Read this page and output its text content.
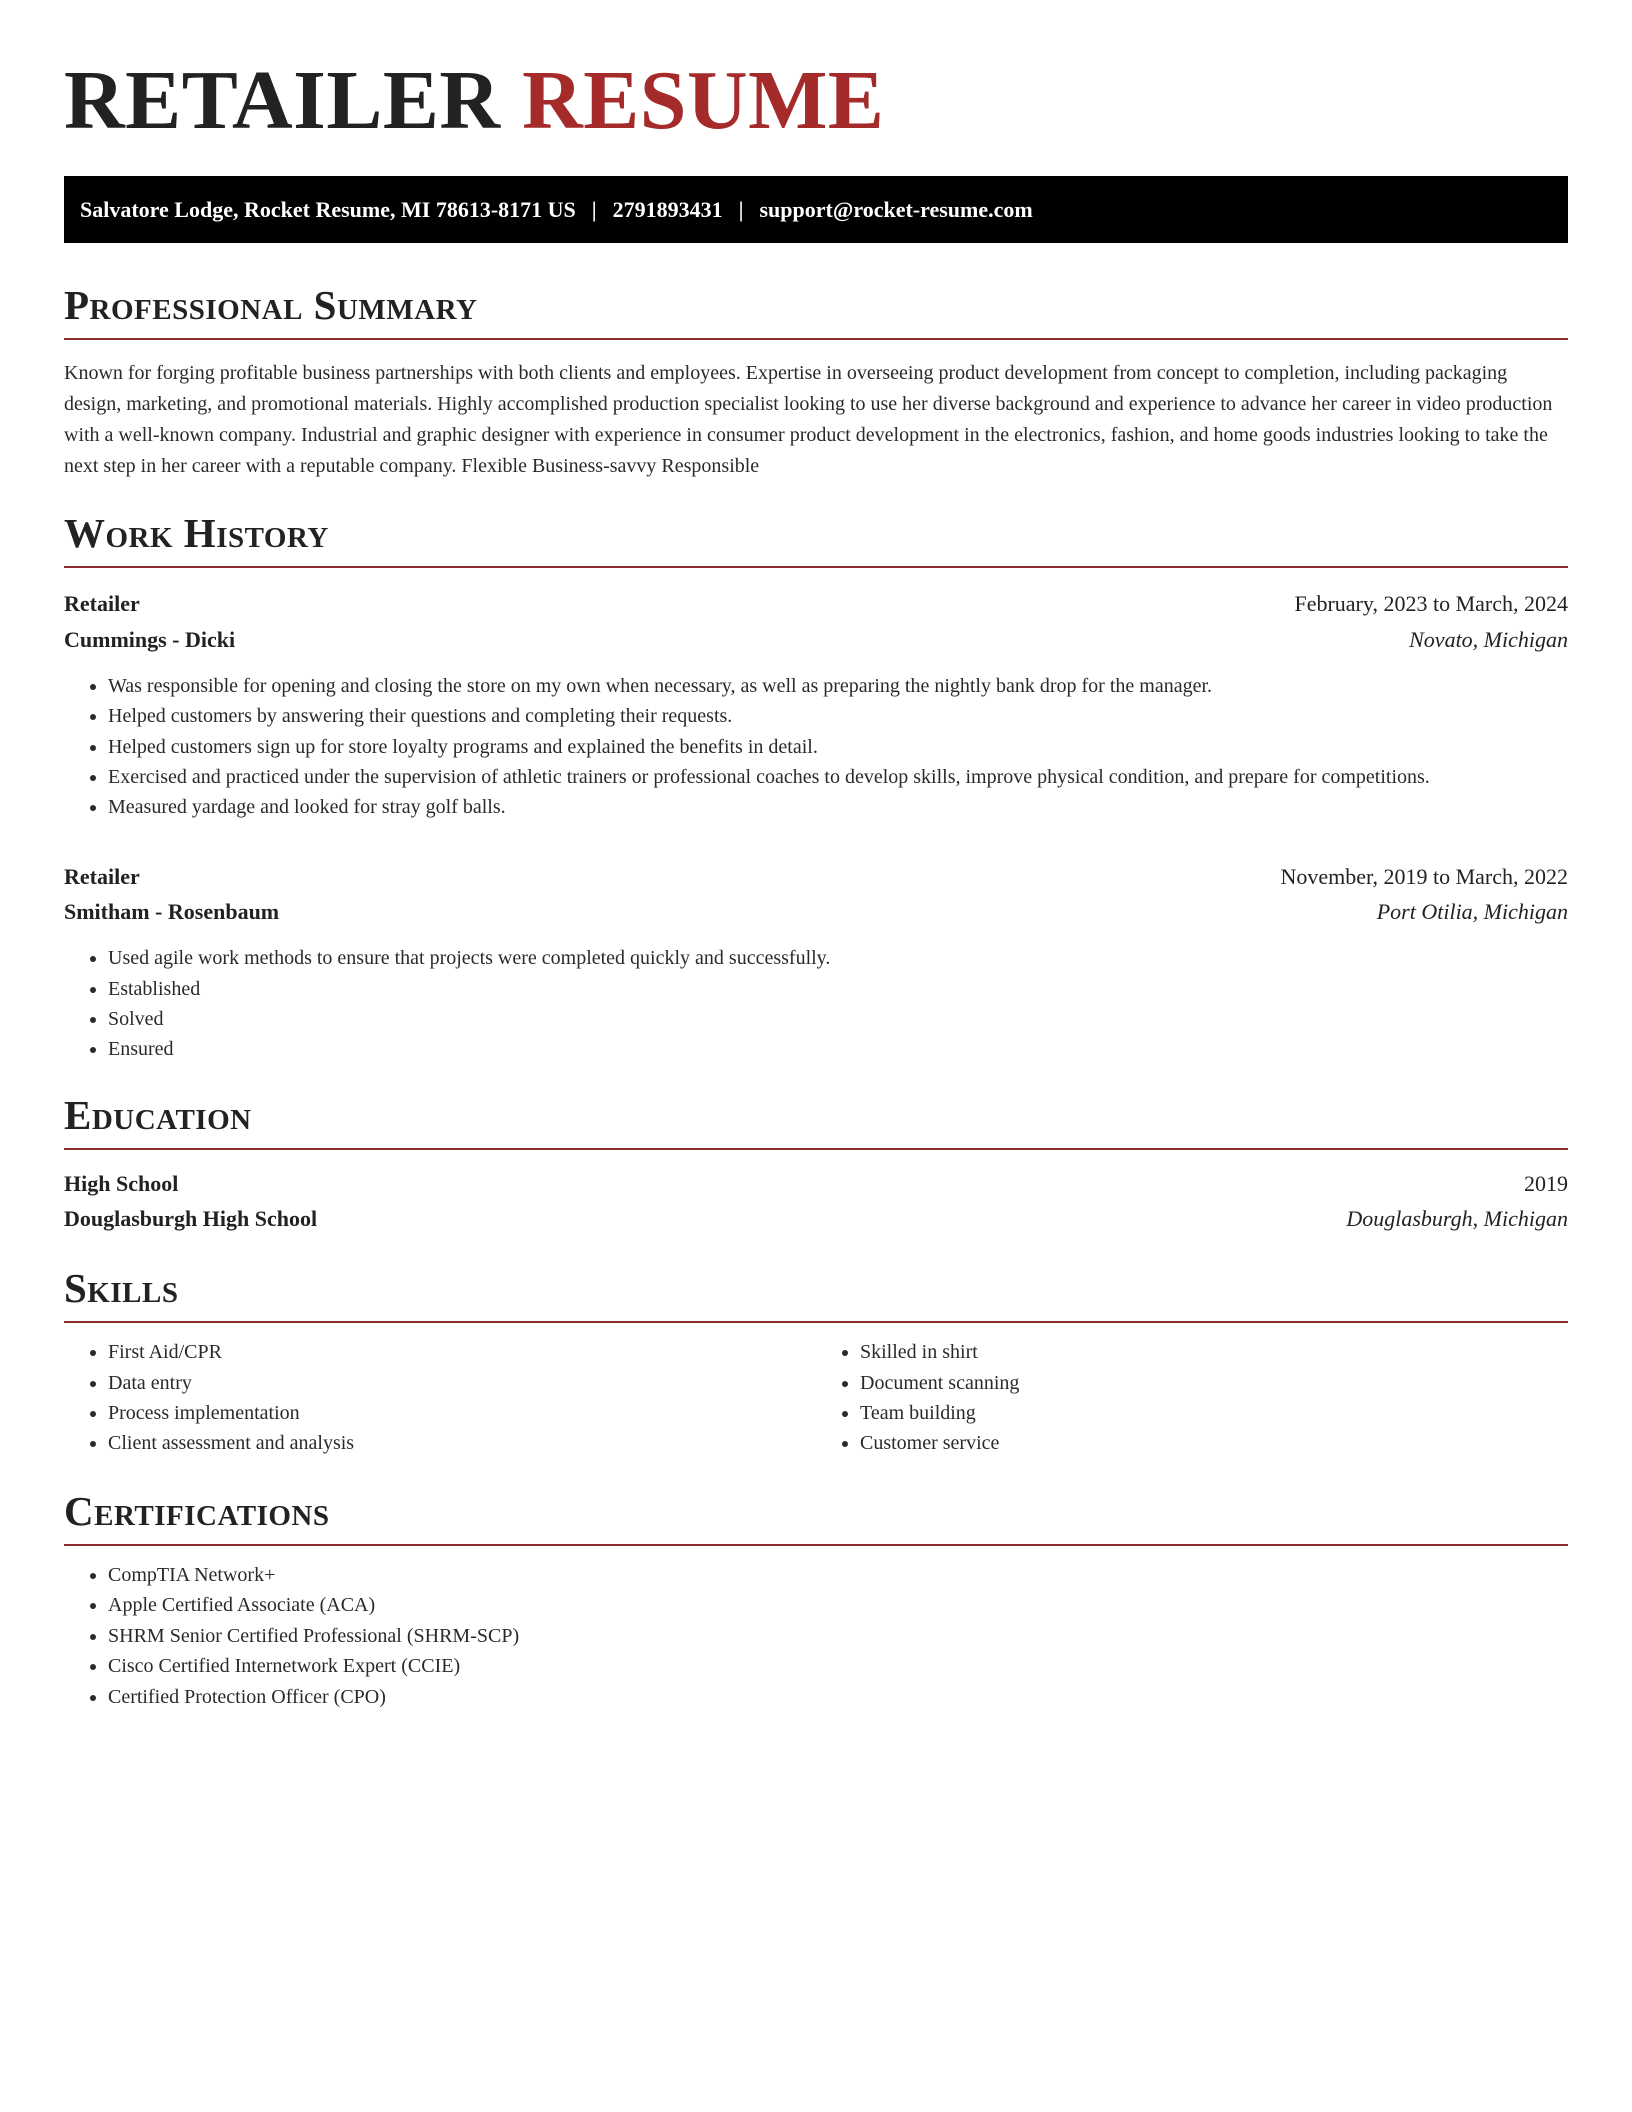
RETAILER RESUME
Salvatore Lodge, Rocket Resume, MI 78613-8171 US | 2791893431 | support@rocket-resume.com
Professional Summary

Known for forging profitable business partnerships with both clients and employees. Expertise in overseeing product development from concept to completion, including packaging design, marketing, and promotional materials. Highly accomplished production specialist looking to use her diverse background and experience to advance her career in video production with a well-known company. Industrial and graphic designer with experience in consumer product development in the electronics, fashion, and home goods industries looking to take the next step in her career with a reputable company. Flexible Business-savvy Responsible

Work History
Retailer	February, 2023 to March, 2024
Cummings - Dicki	Novato, Michigan
• Was responsible for opening and closing the store on my own when necessary, as well as preparing the nightly bank drop for the manager.
• Helped customers by answering their questions and completing their requests.
• Helped customers sign up for store loyalty programs and explained the benefits in detail.
• Exercised and practiced under the supervision of athletic trainers or professional coaches to develop skills, improve physical condition, and prepare for competitions.
• Measured yardage and looked for stray golf balls.
Retailer	November, 2019 to March, 2022
Smitham - Rosenbaum	Port Otilia, Michigan
• Used agile work methods to ensure that projects were completed quickly and successfully.
• Established
• Solved
• Ensured
Education
High School	2019
Douglasburgh High School	Douglasburgh, Michigan
Skills
• First Aid/CPR
• Data entry
• Process implementation
• Client assessment and analysis
• Skilled in shirt
• Document scanning
• Team building
• Customer service
Certifications
• CompTIA Network+
• Apple Certified Associate (ACA)
• SHRM Senior Certified Professional (SHRM-SCP)
• Cisco Certified Internetwork Expert (CCIE)
• Certified Protection Officer (CPO)
